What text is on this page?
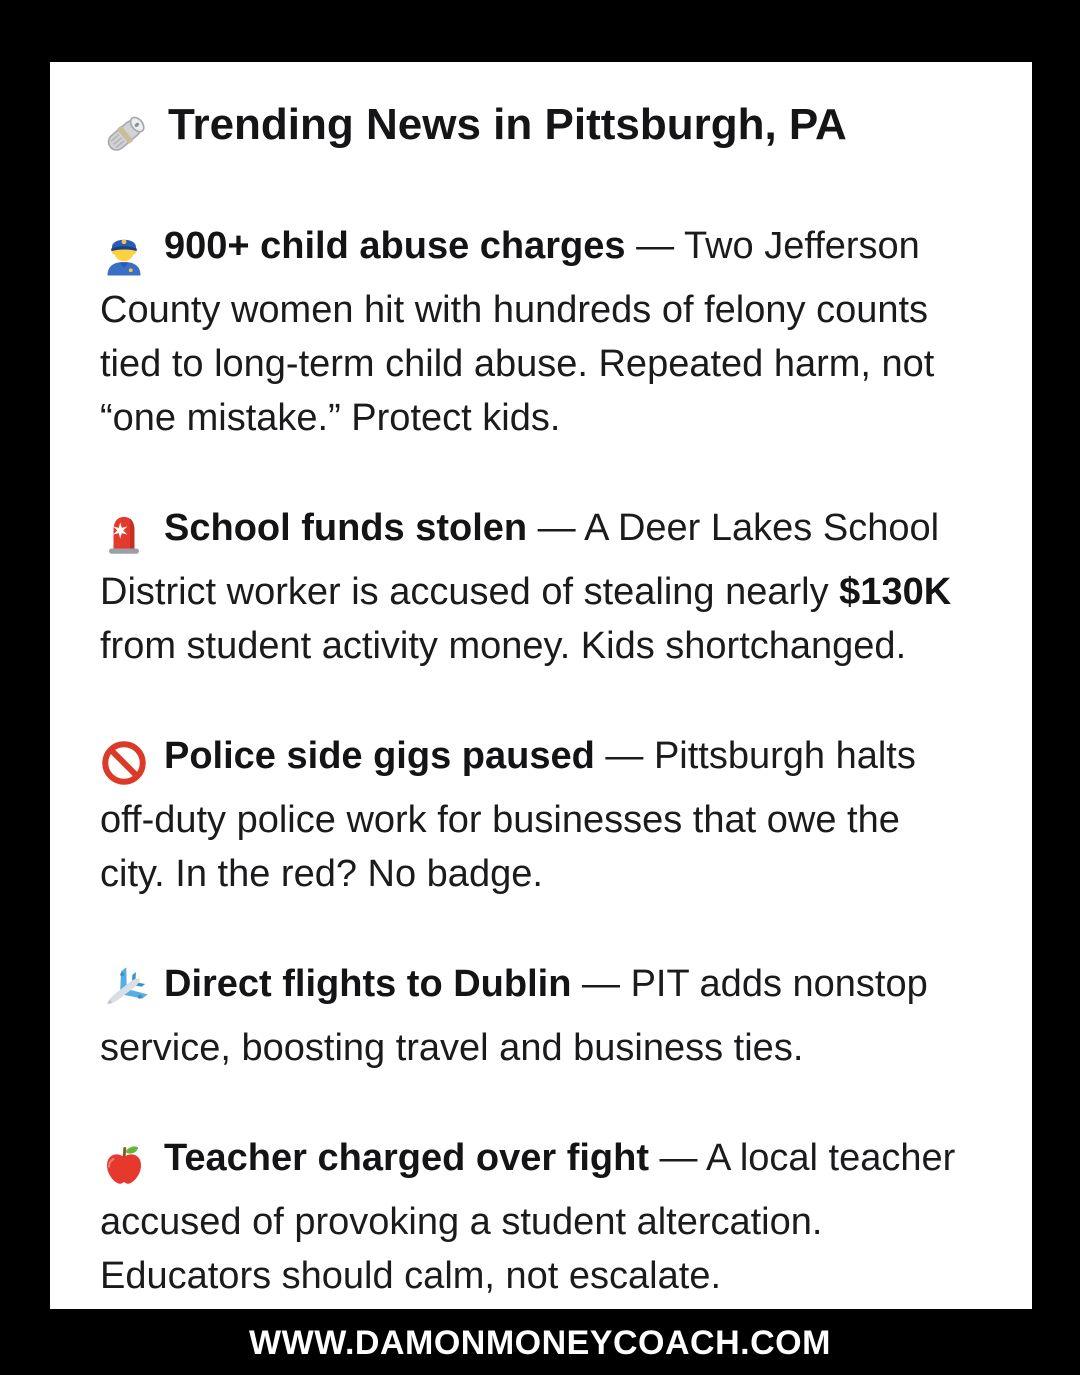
Trending News in Pittsburgh, PA

900+ child abuse charges — Two Jefferson County women hit with hundreds of felony counts tied to long-term child abuse. Repeated harm, not “one mistake.” Protect kids.

School funds stolen — A Deer Lakes School District worker is accused of stealing nearly $130K from student activity money. Kids shortchanged.

Police side gigs paused — Pittsburgh halts off-duty police work for businesses that owe the city. In the red? No badge.

Direct flights to Dublin — PIT adds nonstop service, boosting travel and business ties.

Teacher charged over fight — A local teacher accused of provoking a student altercation. Educators should calm, not escalate.

WWW.DAMONMONEYCOACH.COM
